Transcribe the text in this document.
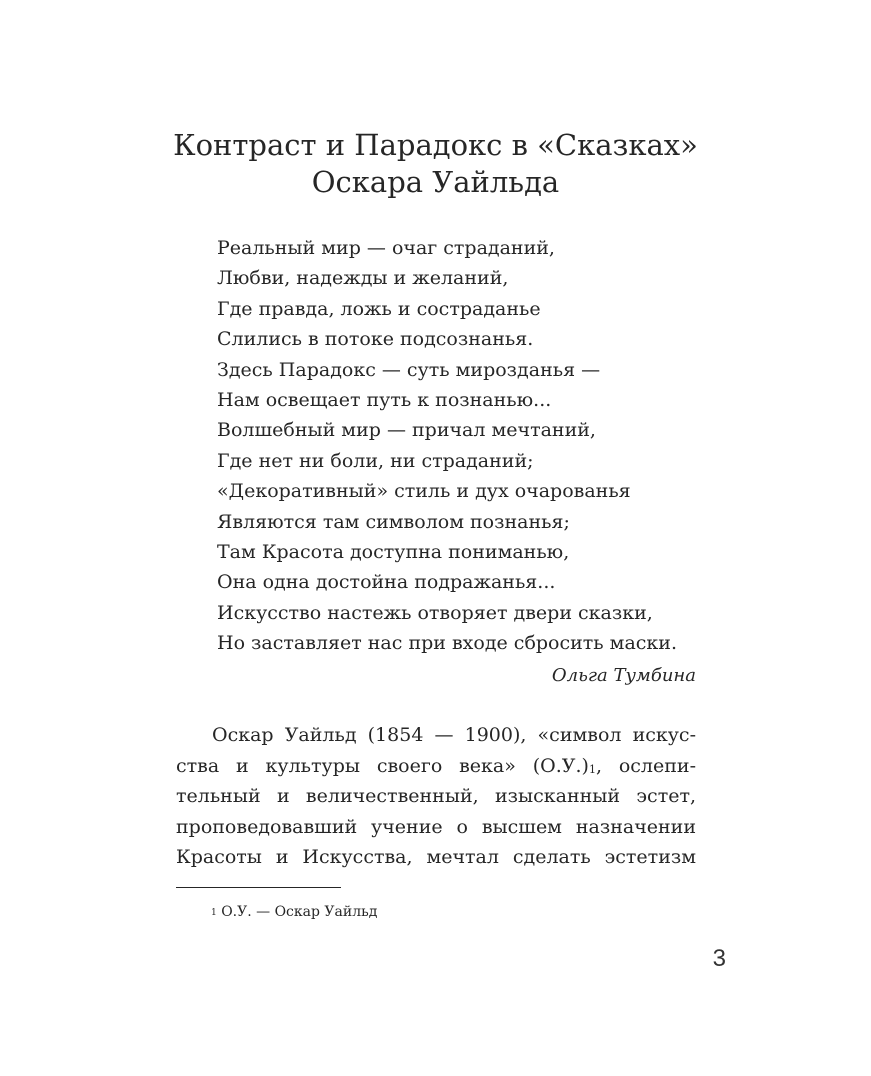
Контраст и Парадокс в «Сказках»
Оскара Уайльда
Реальный мир — очаг страданий,
Любви, надежды и желаний,
Где правда, ложь и состраданье
Слились в потоке подсознанья.
Здесь Парадокс — суть мирозданья —
Нам освещает путь к познанью...
Волшебный мир — причал мечтаний,
Где нет ни боли, ни страданий;
«Декоративный» стиль и дух очарованья
Являются там символом познанья;
Там Красота доступна пониманью,
Она одна достойна подражанья...
Искусство настежь отворяет двери сказки,
Но заставляет нас при входе сбросить маски.
Ольга Тумбина
Оскар Уайльд (1854 — 1900), «символ искус-
ства и культуры своего века» $(О.У.)^1$, ослепи-
тельный и величественный, изысканный эстет,
проповедовавший учение о высшем назначении
Красоты и Искусства, мечтал сделать эстетизм
$^1$ О.У. — Оскар Уайльд
3
